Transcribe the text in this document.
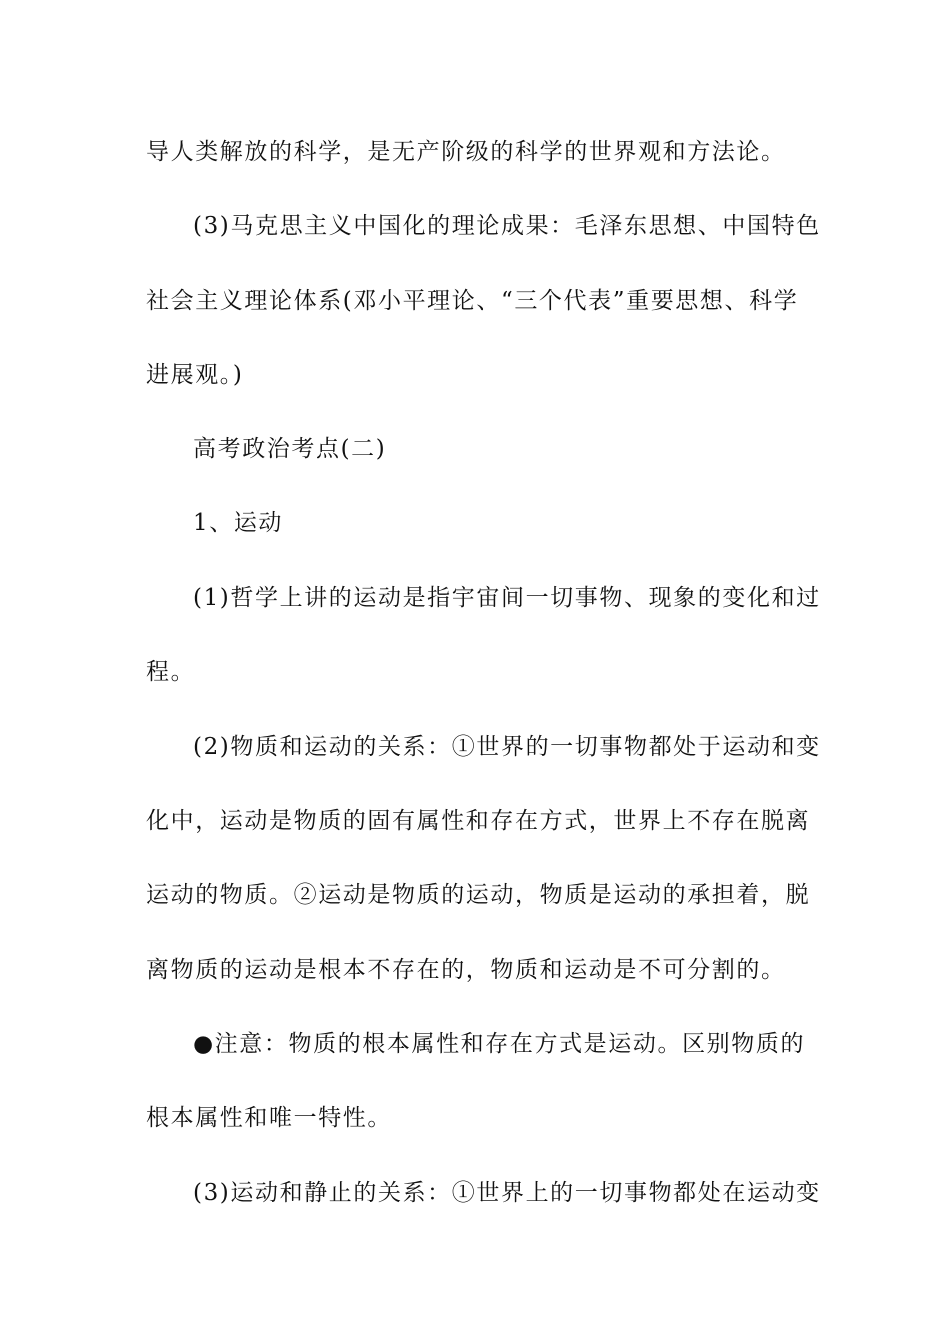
导人类解放的科学，是无产阶级的科学的世界观和方法论。
(3)马克思主义中国化的理论成果：毛泽东思想、中国特色
社会主义理论体系(邓小平理论、“三个代表”重要思想、科学
进展观。)
高考政治考点(二)
1、运动
(1)哲学上讲的运动是指宇宙间一切事物、现象的变化和过
程。
(2)物质和运动的关系：①世界的一切事物都处于运动和变
化中，运动是物质的固有属性和存在方式，世界上不存在脱离
运动的物质。②运动是物质的运动，物质是运动的承担着，脱
离物质的运动是根本不存在的，物质和运动是不可分割的。
●注意：物质的根本属性和存在方式是运动。区别物质的
根本属性和唯一特性。
(3)运动和静止的关系：①世界上的一切事物都处在运动变
